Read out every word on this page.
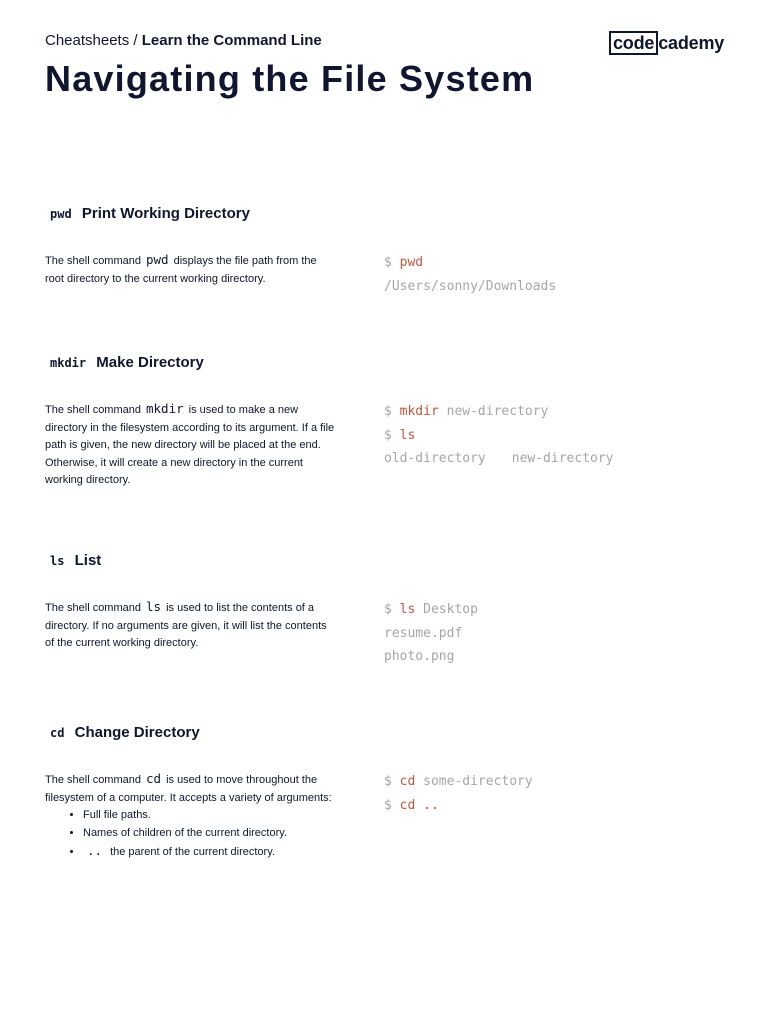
Cheatsheets / Learn the Command Line	code cademy
Navigating the File System
pwd Print Working Directory
The shell command pwd displays the file path from the root directory to the current working directory.
$ pwd
/Users/sonny/Downloads
mkdir Make Directory
The shell command mkdir is used to make a new directory in the filesystem according to its argument. If a file path is given, the new directory will be placed at the end. Otherwise, it will create a new directory in the current working directory.
$ mkdir new-directory
$ ls
old-directory new-directory
ls List
The shell command ls is used to list the contents of a directory. If no arguments are given, it will list the contents of the current working directory.
$ ls Desktop
resume.pdf
photo.png
cd Change Directory
The shell command cd is used to move throughout the filesystem of a computer. It accepts a variety of arguments:
• Full file paths.
• Names of children of the current directory.
• .. the parent of the current directory.
$ cd some-directory
$ cd ..
